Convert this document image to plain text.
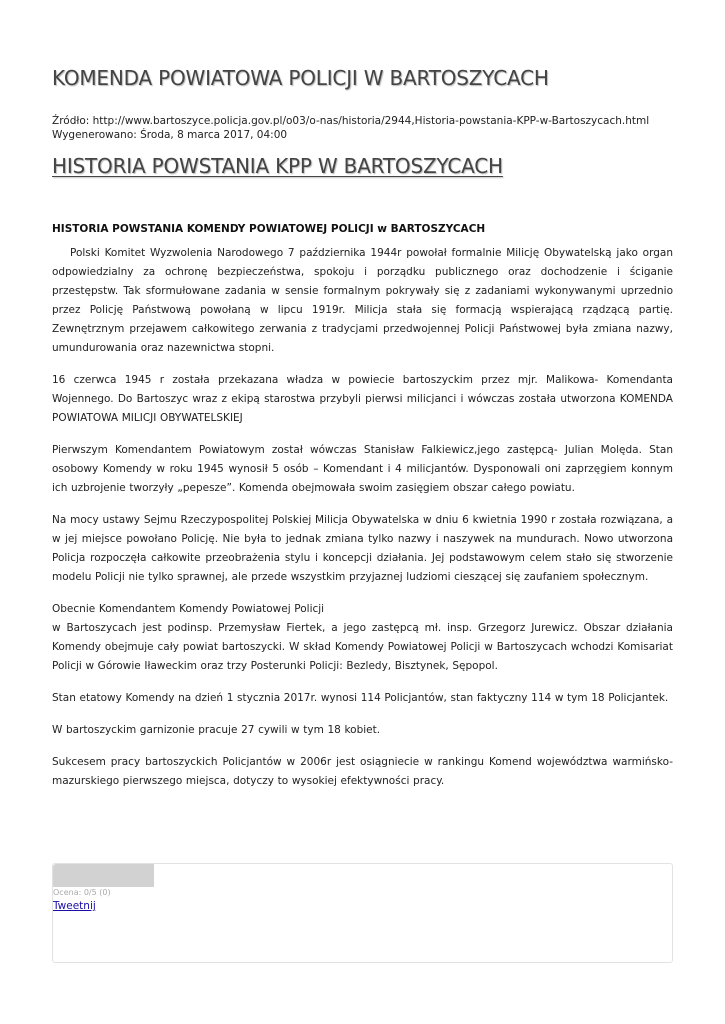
KOMENDA POWIATOWA POLICJI W BARTOSZYCACH
Źródło: http://www.bartoszyce.policja.gov.pl/o03/o-nas/historia/2944,Historia-powstania-KPP-w-Bartoszycach.html
Wygenerowano: Środa, 8 marca 2017, 04:00
HISTORIA POWSTANIA KPP W BARTOSZYCACH
HISTORIA POWSTANIA KOMENDY POWIATOWEJ POLICJI w BARTOSZYCACH

Polski Komitet Wyzwolenia Narodowego 7 października 1944r powołał formalnie Milicję Obywatelską jako organ odpowiedzialny za ochronę bezpieczeństwa, spokoju i porządku publicznego oraz dochodzenie i ściganie przestępstw. Tak sformułowane zadania w sensie formalnym pokrywały się z zadaniami wykonywanymi uprzednio przez Policję Państwową powołaną w lipcu 1919r. Milicja stała się formacją wspierającą rządzącą partię. Zewnętrznym przejawem całkowitego zerwania z tradycjami przedwojennej Policji Państwowej była zmiana nazwy, umundurowania oraz nazewnictwa stopni.

16 czerwca 1945 r została przekazana władza w powiecie bartoszyckim przez mjr. Malikowa- Komendanta Wojennego. Do Bartoszyc wraz z ekipą starostwa przybyli pierwsi milicjanci i wówczas została utworzona KOMENDA POWIATOWA MILICJI OBYWATELSKIEJ

Pierwszym Komendantem Powiatowym został wówczas Stanisław Falkiewicz,jego zastępcą- Julian Molęda. Stan osobowy Komendy w roku 1945 wynosił 5 osób – Komendant i 4 milicjantów. Dysponowali oni zaprzęgiem konnym ich uzbrojenie tworzyły „pepesze”. Komenda obejmowała swoim zasięgiem obszar całego powiatu.

Na mocy ustawy Sejmu Rzeczypospolitej Polskiej Milicja Obywatelska w dniu 6 kwietnia 1990 r została rozwiązana, a w jej miejsce powołano Policję. Nie była to jednak zmiana tylko nazwy i naszywek na mundurach. Nowo utworzona Policja rozpoczęła całkowite przeobrażenia stylu i koncepcji działania. Jej podstawowym celem stało się stworzenie modelu Policji nie tylko sprawnej, ale przede wszystkim przyjaznej ludziomi cieszącej się zaufaniem społecznym.

Obecnie Komendantem Komendy Powiatowej Policji

w Bartoszycach jest podinsp. Przemysław Fiertek, a jego zastępcą mł. insp. Grzegorz Jurewicz. Obszar działania Komendy obejmuje cały powiat bartoszycki. W skład Komendy Powiatowej Policji w Bartoszycach wchodzi Komisariat Policji w Górowie Iławeckim oraz trzy Posterunki Policji: Bezledy, Bisztynek, Sępopol.

Stan etatowy Komendy na dzień 1 stycznia 2017r. wynosi 114 Policjantów, stan faktyczny 114 w tym 18 Policjantek.

W bartoszyckim garnizonie pracuje 27 cywili w tym 18 kobiet.

Sukcesem pracy bartoszyckich Policjantów w 2006r jest osiągniecie w rankingu Komend województwa warmińsko-mazurskiego pierwszego miejsca, dotyczy to wysokiej efektywności pracy.

Ocena: 0/5 (0)
Tweetnij
